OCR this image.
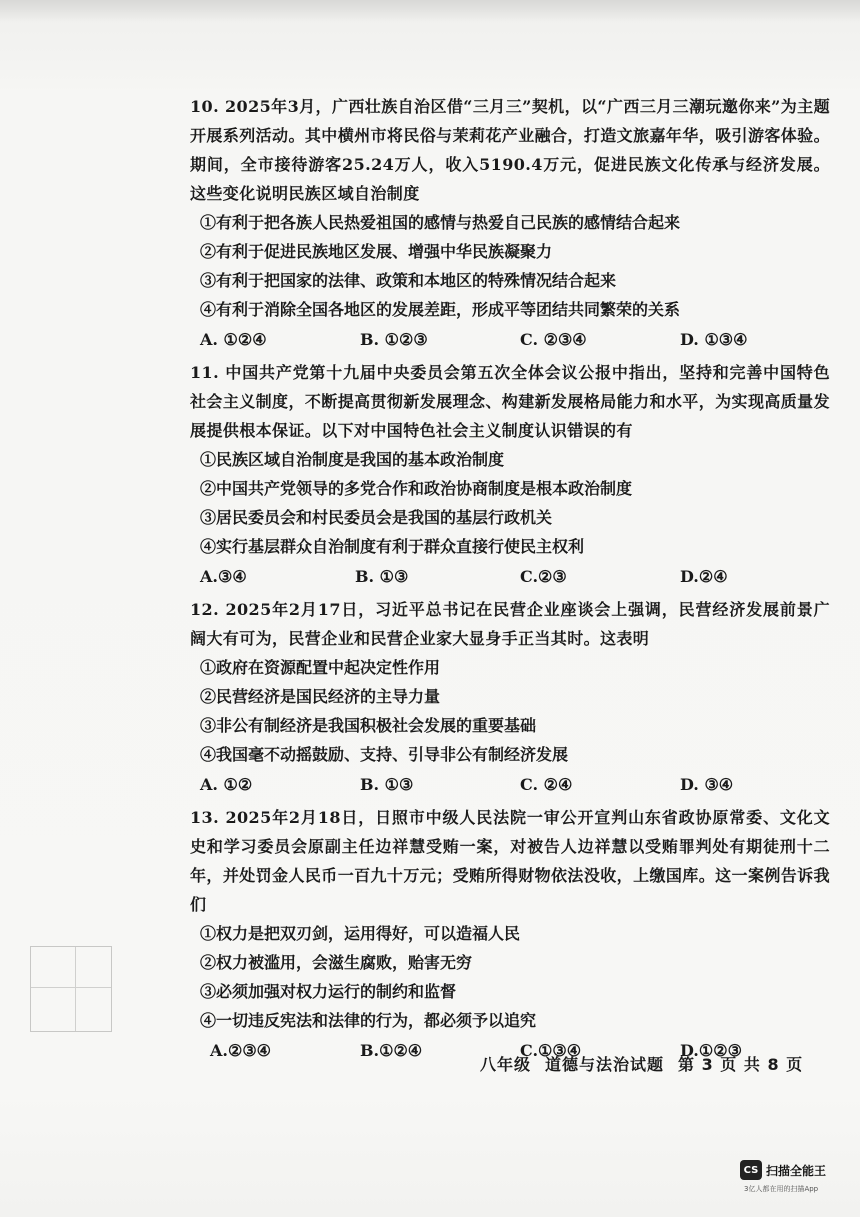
10. 2025年3月，广西壮族自治区借“三月三”契机，以“广西三月三潮玩邀你来”为主题开展系列活动。其中横州市将民俗与茉莉花产业融合，打造文旅嘉年华，吸引游客体验。期间，全市接待游客25.24万人，收入5190.4万元，促进民族文化传承与经济发展。这些变化说明民族区域自治制度

①有利于把各族人民热爱祖国的感情与热爱自己民族的感情结合起来

②有利于促进民族地区发展、增强中华民族凝聚力

③有利于把国家的法律、政策和本地区的特殊情况结合起来

④有利于消除全国各地区的发展差距，形成平等团结共同繁荣的关系

A. ①②④	B. ①②③	C. ②③④	D. ①③④

11. 中国共产党第十九届中央委员会第五次全体会议公报中指出，坚持和完善中国特色社会主义制度，不断提高贯彻新发展理念、构建新发展格局能力和水平，为实现高质量发展提供根本保证。以下对中国特色社会主义制度认识错误的有

①民族区域自治制度是我国的基本政治制度

②中国共产党领导的多党合作和政治协商制度是根本政治制度

③居民委员会和村民委员会是我国的基层行政机关

④实行基层群众自治制度有利于群众直接行使民主权利

A.③④	B. ①③	C.②③	D.②④

12. 2025年2月17日，习近平总书记在民营企业座谈会上强调，民营经济发展前景广阔大有可为，民营企业和民营企业家大显身手正当其时。这表明

①政府在资源配置中起决定性作用

②民营经济是国民经济的主导力量

③非公有制经济是我国积极社会发展的重要基础

④我国毫不动摇鼓励、支持、引导非公有制经济发展

A. ①②	B. ①③	C. ②④	D. ③④

13. 2025年2月18日，日照市中级人民法院一审公开宣判山东省政协原常委、文化文史和学习委员会原副主任边祥慧受贿一案，对被告人边祥慧以受贿罪判处有期徒刑十二年，并处罚金人民币一百九十万元；受贿所得财物依法没收，上缴国库。这一案例告诉我们

①权力是把双刃剑，运用得好，可以造福人民

②权力被滥用，会滋生腐败，贻害无穷

③必须加强对权力运行的制约和监督

④一切违反宪法和法律的行为，都必须予以追究

A.②③④	B.①②④	C.①③④	D.①②③
八年级 道德与法治试题 第 3 页 共 8 页
CS 扫描全能王
3亿人都在用的扫描App
